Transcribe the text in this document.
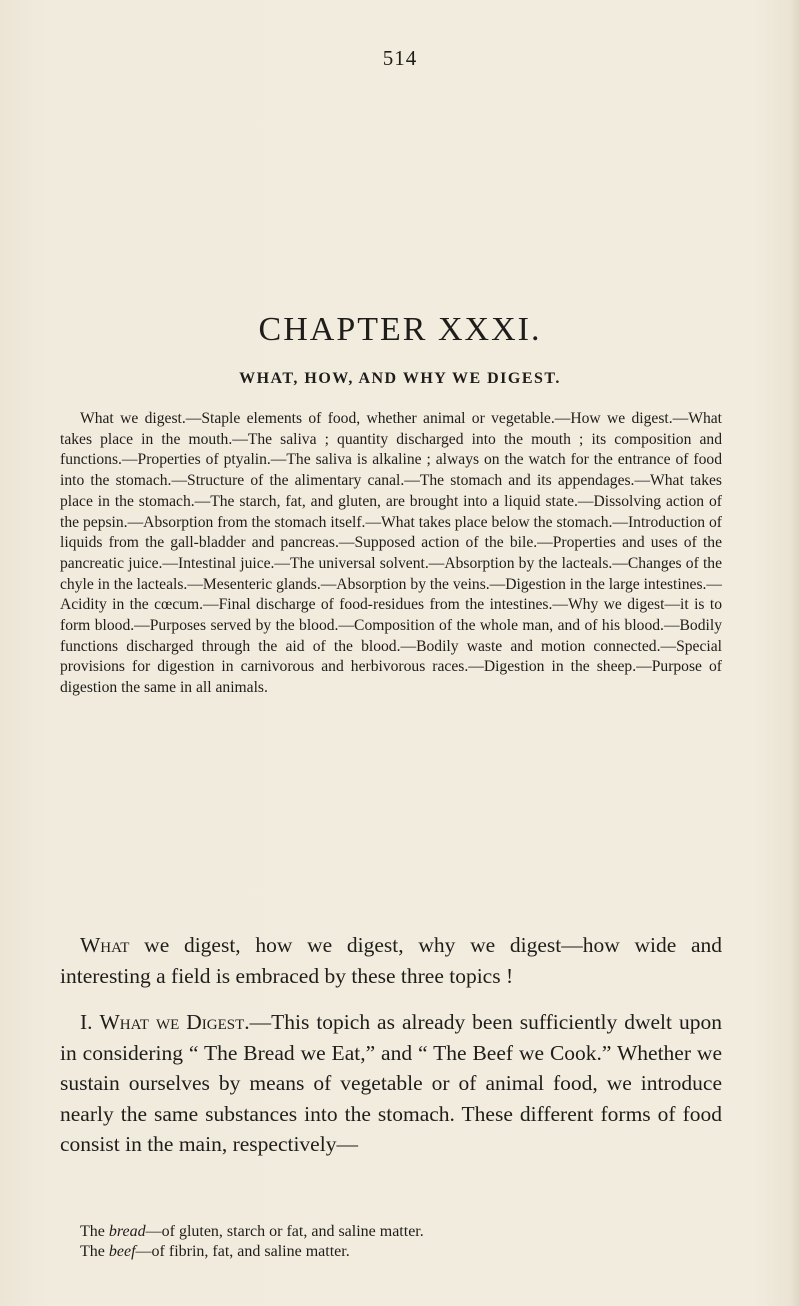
514
CHAPTER XXXI.
WHAT, HOW, AND WHY WE DIGEST.

What we digest.—Staple elements of food, whether animal or vegetable.—How we digest.—What takes place in the mouth.—The saliva ; quantity discharged into the mouth ; its composition and functions.—Properties of ptyalin.—The saliva is alkaline ; always on the watch for the entrance of food into the stomach.—Structure of the alimentary canal.—The stomach and its appendages.—What takes place in the stomach.—The starch, fat, and gluten, are brought into a liquid state.—Dissolving action of the pepsin.—Absorption from the stomach itself.—What takes place below the stomach.—Introduction of liquids from the gall-bladder and pancreas.—Supposed action of the bile.—Properties and uses of the pancreatic juice.—Intestinal juice.—The universal solvent.—Absorption by the lacteals.—Changes of the chyle in the lacteals.—Mesenteric glands.—Absorption by the veins.—Digestion in the large intestines.—Acidity in the cœcum.—Final discharge of food-residues from the intestines.—Why we digest—it is to form blood.—Purposes served by the blood.—Composition of the whole man, and of his blood.—Bodily functions discharged through the aid of the blood.—Bodily waste and motion connected.—Special provisions for digestion in carnivorous and herbivorous races.—Digestion in the sheep.—Purpose of digestion the same in all animals.

What we digest, how we digest, why we digest—how wide and interesting a field is embraced by these three topics !

I. What we Digest.—This topich as already been sufficiently dwelt upon in considering “ The Bread we Eat,” and “ The Beef we Cook.” Whether we sustain ourselves by means of vegetable or of animal food, we introduce nearly the same substances into the stomach. These different forms of food consist in the main, respectively—

The bread—of gluten, starch or fat, and saline matter.
The beef—of fibrin, fat, and saline matter.
